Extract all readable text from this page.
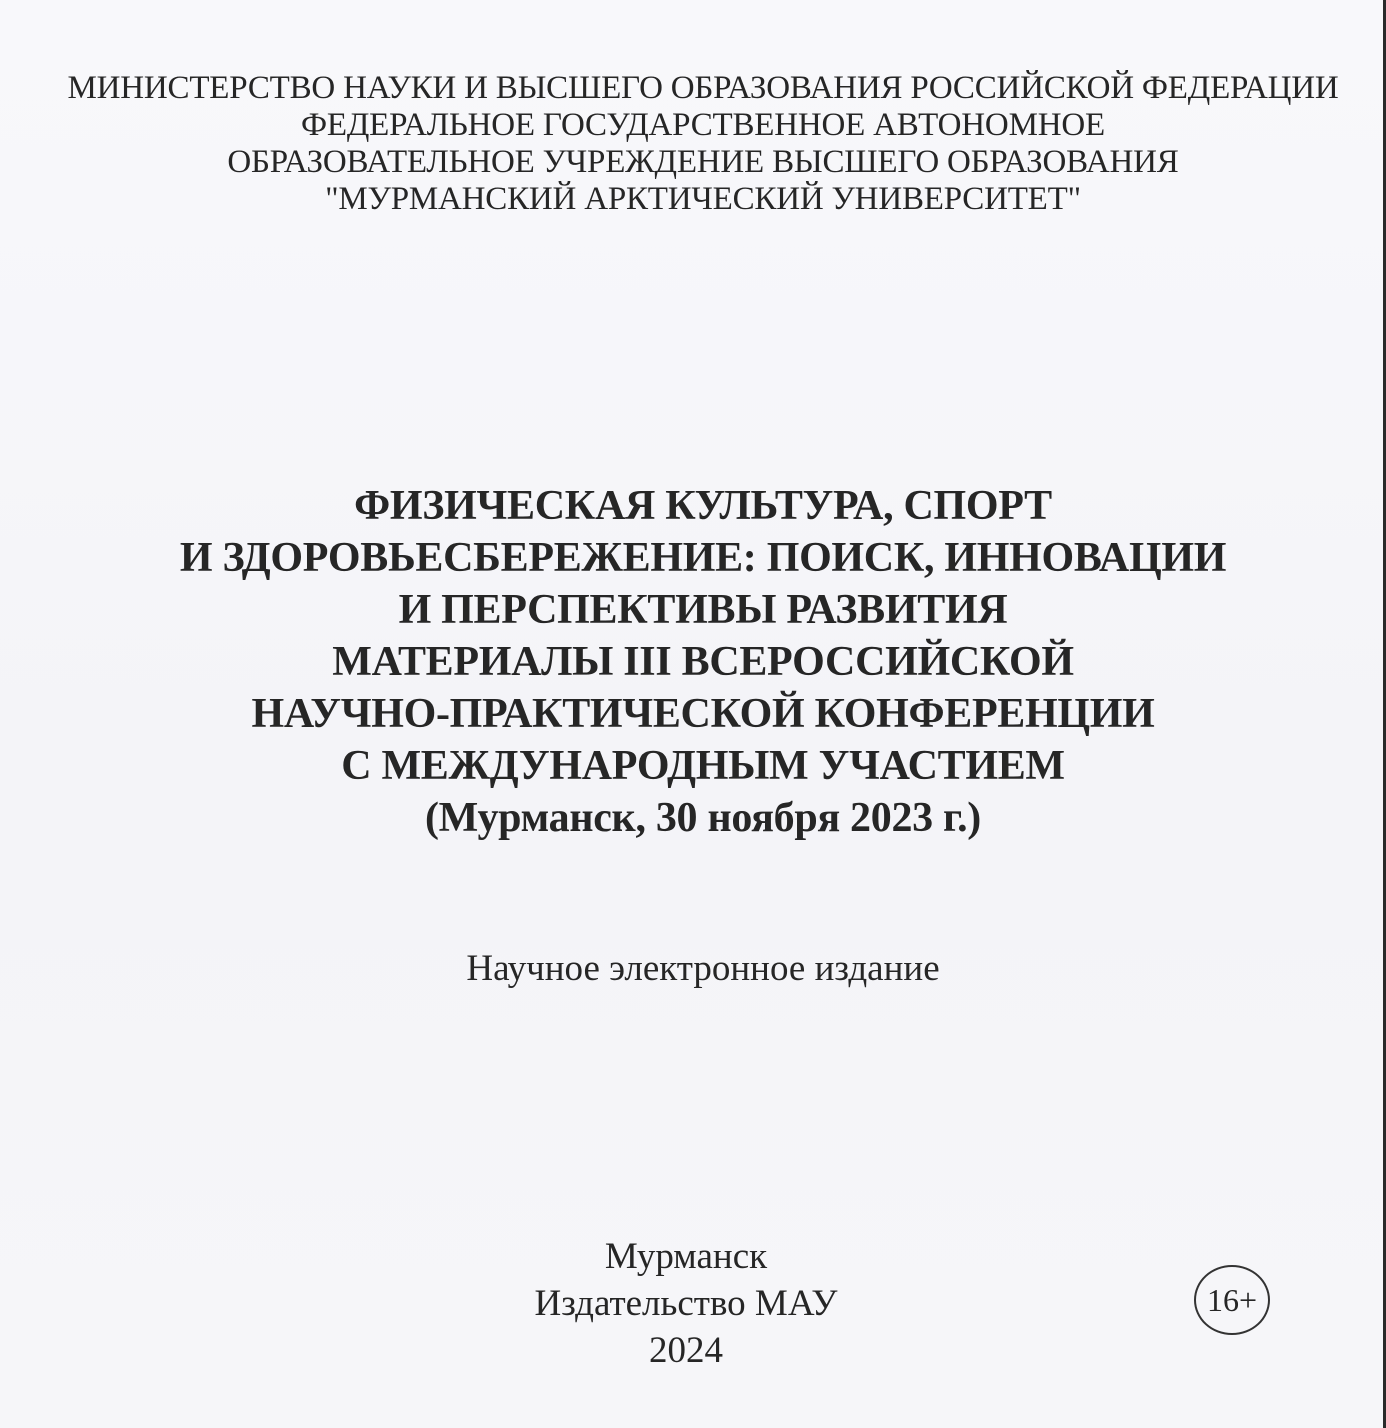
МИНИСТЕРСТВО НАУКИ И ВЫСШЕГО ОБРАЗОВАНИЯ РОССИЙСКОЙ ФЕДЕРАЦИИ
ФЕДЕРАЛЬНОЕ ГОСУДАРСТВЕННОЕ АВТОНОМНОЕ
ОБРАЗОВАТЕЛЬНОЕ УЧРЕЖДЕНИЕ ВЫСШЕГО ОБРАЗОВАНИЯ
"МУРМАНСКИЙ АРКТИЧЕСКИЙ УНИВЕРСИТЕТ"
ФИЗИЧЕСКАЯ КУЛЬТУРА, СПОРТ
И ЗДОРОВЬЕСБЕРЕЖЕНИЕ: ПОИСК, ИННОВАЦИИ
И ПЕРСПЕКТИВЫ РАЗВИТИЯ
МАТЕРИАЛЫ III ВСЕРОССИЙСКОЙ
НАУЧНО-ПРАКТИЧЕСКОЙ КОНФЕРЕНЦИИ
С МЕЖДУНАРОДНЫМ УЧАСТИЕМ
(Мурманск, 30 ноября 2023 г.)
Научное электронное издание
Мурманск
Издательство МАУ
2024
16+
